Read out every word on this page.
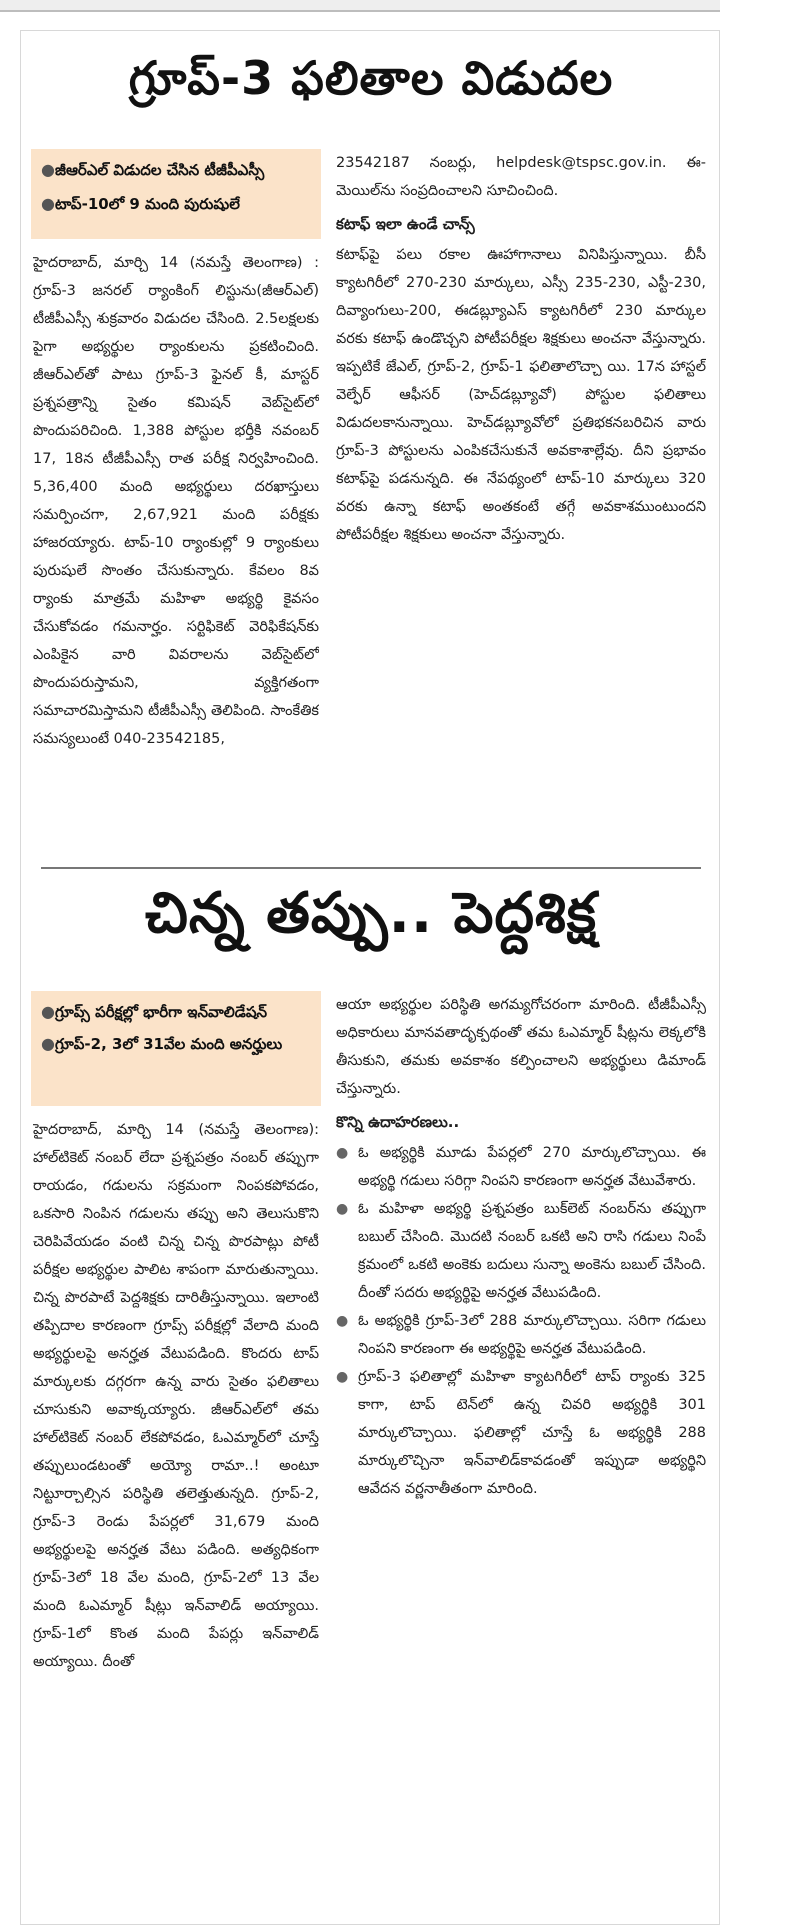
గ్రూప్‌-3 ఫలితాల విడుదల
● జీఆర్‌ఎల్‌ విడుదల చేసిన టీజీపీఎస్సీ
● టాప్‌-10లో 9 మంది పురుషులే

హైదరాబాద్‌, మార్చి 14 (నమస్తే తెలంగాణ) : గ్రూప్‌-3 జనరల్‌ ర్యాంకింగ్‌ లిస్టును(జీఆర్‌ఎల్‌) టీజీపీఎస్సీ శుక్రవారం విడుదల చేసింది. 2.5లక్షలకు పైగా అభ్యర్థుల ర్యాంకులను ప్రకటించింది. జీఆర్‌ఎల్‌తో పాటు గ్రూప్‌-3 ఫైనల్‌ కీ, మాస్టర్‌ ప్రశ్నపత్రాన్ని సైతం కమిషన్‌ వెబ్‌సైట్‌లో పొందుపరిచింది. 1,388 పోస్టుల భర్తీకి నవంబర్‌ 17, 18న టీజీపీఎస్సీ రాత పరీక్ష నిర్వహించింది. 5,36,400 మంది అభ్యర్థులు దరఖాస్తులు సమర్పించగా, 2,67,921 మంది పరీక్షకు హాజరయ్యారు. టాప్‌-10 ర్యాంకుల్లో 9 ర్యాంకులు పురుషులే సొంతం చేసుకున్నారు. కేవలం 8వ ర్యాంకు మాత్రమే మహిళా అభ్యర్థి కైవసం చేసుకోవడం గమనార్హం. సర్టిఫికెట్‌ వెరిఫికేషన్‌కు ఎంపికైన వారి వివరాలను వెబ్‌సైట్‌లో పొందుపరుస్తామని, వ్యక్తిగతంగా సమాచారమిస్తామని టీజీపీఎస్సీ తెలిపింది. సాంకేతిక సమస్యలుంటే 040-23542185,

23542187 నంబర్లు, helpdesk@tspsc.gov.in. ఈ-మెయిల్‌ను సంప్రదించాలని సూచించింది.

కటాఫ్‌ ఇలా ఉండే చాన్స్‌

కటాఫ్‌పై పలు రకాల ఊహాగానాలు వినిపిస్తున్నాయి. బీసీ క్యాటగిరీలో 270-230 మార్కులు, ఎస్సీ 235-230, ఎస్టీ-230, దివ్యాంగులు-200, ఈడబ్ల్యూఎస్‌ క్యాటగిరీలో 230 మార్కుల వరకు కటాఫ్‌ ఉండొచ్చని పోటీపరీక్షల శిక్షకులు అంచనా వేస్తున్నారు. ఇప్పటికే జేఎల్‌, గ్రూప్‌-2, గ్రూప్‌-1 ఫలితాలొచ్చా యి. 17న హాస్టల్‌ వెల్ఫేర్‌ ఆఫీసర్‌ (హెచ్‌డబ్ల్యూవో) పోస్టుల ఫలితాలు విడుదలకానున్నాయి. హెచ్‌డబ్ల్యూవోలో ప్రతిభకనబరిచిన వారు గ్రూప్‌-3 పోస్టులను ఎంపికచేసుకునే అవకాశాల్లేవు. దీని ప్రభావం కటాఫ్‌పై పడనున్నది. ఈ నేపథ్యంలో టాప్‌-10 మార్కులు 320 వరకు ఉన్నా కటాఫ్‌ అంతకంటే తగ్గే అవకాశముంటుందని పోటీపరీక్షల శిక్షకులు అంచనా వేస్తున్నారు.

చిన్న తప్పు.. పెద్దశిక్ష
● గ్రూప్స్‌ పరీక్షల్లో భారీగా ఇన్‌వాలిడేషన్‌
● గ్రూప్‌-2, 3లో 31వేల మంది అనర్హులు

హైదరాబాద్‌, మార్చి 14 (నమస్తే తెలంగాణ): హాల్‌టికెట్‌ నంబర్‌ లేదా ప్రశ్నపత్రం నంబర్‌ తప్పుగా రాయడం, గడులను సక్రమంగా నింపకపోవడం, ఒకసారి నింపిన గడులను తప్పు అని తెలుసుకొని చెరిపివేయడం వంటి చిన్న చిన్న పొరపాట్లు పోటీ పరీక్షల అభ్యర్థుల పాలిట శాపంగా మారుతున్నాయి. చిన్న పొరపాటే పెద్దశిక్షకు దారితీస్తున్నాయి. ఇలాంటి తప్పిదాల కారణంగా గ్రూప్స్‌ పరీక్షల్లో వేలాది మంది అభ్యర్థులపై అనర్హత వేటుపడింది. కొందరు టాప్‌ మార్కులకు దగ్గరగా ఉన్న వారు సైతం ఫలితాలు చూసుకుని అవాక్కయ్యారు. జీఆర్‌ఎల్‌లో తమ హాల్‌టికెట్‌ నంబర్‌ లేకపోవడం, ఓఎమ్మార్‌లో చూస్తే తప్పులుండటంతో అయ్యో రామా..! అంటూ నిట్టూర్చాల్సిన పరిస్థితి తలెత్తుతున్నది. గ్రూప్‌-2, గ్రూప్‌-3 రెండు పేపర్లలో 31,679 మంది అభ్యర్థులపై అనర్హత వేటు పడింది. అత్యధికంగా గ్రూప్‌-3లో 18 వేల మంది, గ్రూప్‌-2లో 13 వేల మంది ఓఎమ్మార్‌ షీట్లు ఇన్‌వాలిడ్‌ అయ్యాయి. గ్రూప్‌-1లో కొంత మంది పేపర్లు ఇన్‌వాలిడ్‌ అయ్యాయి. దీంతో

ఆయా అభ్యర్థుల పరిస్థితి అగమ్యగోచరంగా మారింది. టీజీపీఎస్సీ అధికారులు మానవతాదృక్పథంతో తమ ఓఎమ్మార్‌ షీట్లను లెక్కలోకి తీసుకుని, తమకు అవకాశం కల్పించాలని అభ్యర్థులు డిమాండ్‌ చేస్తున్నారు.

కొన్ని ఉదాహరణలు..
● ఓ అభ్యర్థికి మూడు పేపర్లలో 270 మార్కులొచ్చాయి. ఈ అభ్యర్థి గడులు సరిగ్గా నింపని కారణంగా అనర్హత వేటువేశారు.
● ఓ మహిళా అభ్యర్థి ప్రశ్నపత్రం బుక్‌లెట్‌ నంబర్‌ను తప్పుగా బబుల్‌ చేసింది. మొదటి నంబర్‌ ఒకటి అని రాసి గడులు నింపే క్రమంలో ఒకటి అంకెకు బదులు సున్నా అంకెను బబుల్‌ చేసింది. దీంతో సదరు అభ్యర్థిపై అనర్హత వేటుపడింది.
● ఓ అభ్యర్థికి గ్రూప్‌-3లో 288 మార్కులొచ్చాయి. సరిగా గడులు నింపని కారణంగా ఈ అభ్యర్థిపై అనర్హత వేటుపడింది.
● గ్రూప్‌-3 ఫలితాల్లో మహిళా క్యాటగిరీలో టాప్‌ ర్యాంకు 325 కాగా, టాప్‌ టెన్‌లో ఉన్న చివరి అభ్యర్థికి 301 మార్కులొచ్చాయి. ఫలితాల్లో చూస్తే ఓ అభ్యర్థికి 288 మార్కులొచ్చినా ఇన్‌వాలిడ్‌కావడంతో ఇప్పుడా అభ్యర్థిని ఆవేదన వర్ణనాతీతంగా మారింది.
